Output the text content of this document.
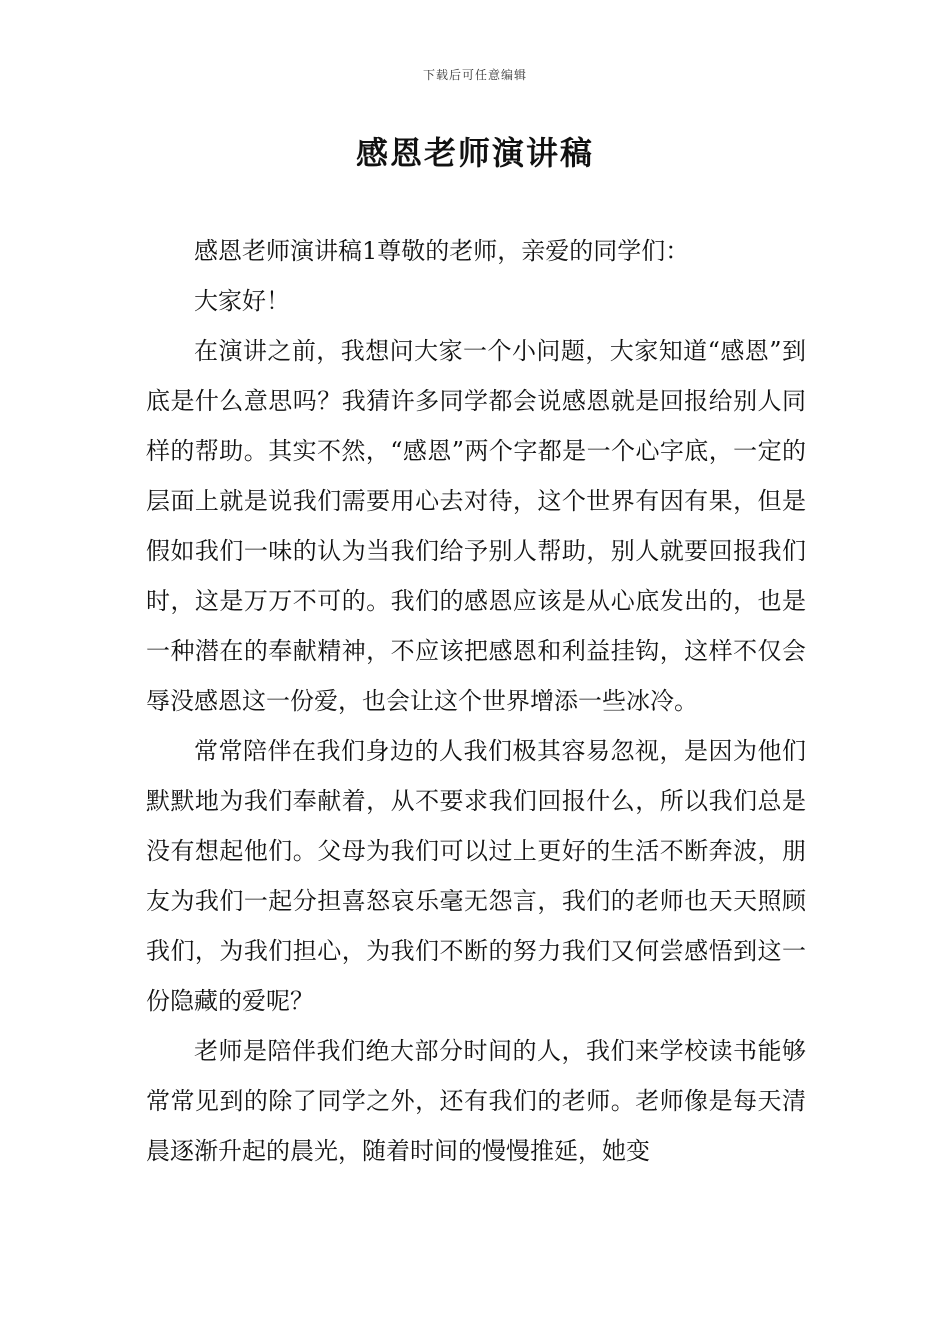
下载后可任意编辑
感恩老师演讲稿

感恩老师演讲稿1尊敬的老师，亲爱的同学们：

大家好！

在演讲之前，我想问大家一个小问题，大家知道“感恩”到底是什么意思吗？我猜许多同学都会说感恩就是回报给别人同样的帮助。其实不然，“感恩”两个字都是一个心字底，一定的层面上就是说我们需要用心去对待，这个世界有因有果，但是假如我们一味的认为当我们给予别人帮助，别人就要回报我们时，这是万万不可的。我们的感恩应该是从心底发出的，也是一种潜在的奉献精神，不应该把感恩和利益挂钩，这样不仅会辱没感恩这一份爱，也会让这个世界增添一些冰冷。

常常陪伴在我们身边的人我们极其容易忽视，是因为他们默默地为我们奉献着，从不要求我们回报什么，所以我们总是没有想起他们。父母为我们可以过上更好的生活不断奔波，朋友为我们一起分担喜怒哀乐毫无怨言，我们的老师也天天照顾我们，为我们担心，为我们不断的努力我们又何尝感悟到这一份隐藏的爱呢？

老师是陪伴我们绝大部分时间的人，我们来学校读书能够常常见到的除了同学之外，还有我们的老师。老师像是每天清晨逐渐升起的晨光，随着时间的慢慢推延，她变
